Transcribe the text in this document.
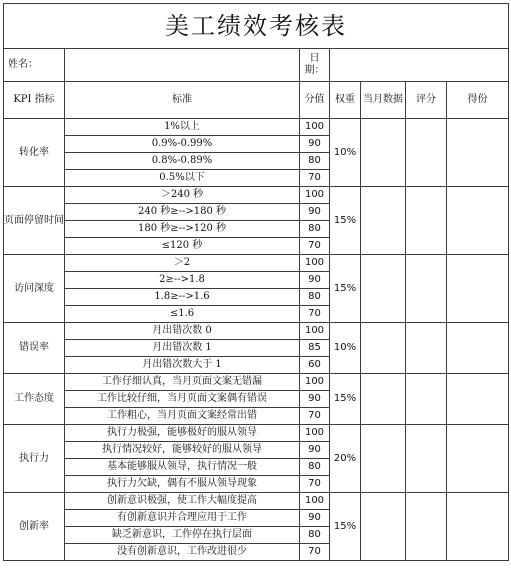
美工绩效考核表						
姓名：		日期：				
KPI 指标	标准	分值	权重	当月数据	评分	得份
转化率	1%以上	100	10%			
	0.9%-0.99%	90				
	0.8%-0.89%	80				
	0.5%以下	70				
页面停留时间	＞240 秒	100	15%			
	240 秒≥-->180 秒	90				
	180 秒≥-->120 秒	80				
	≤120 秒	70				
访问深度	＞2	100	15%			
	2≥-->1.8	90				
	1.8≥-->1.6	80				
	≤1.6	70				
错误率	月出错次数 0	100	10%			
	月出错次数 1	85				
	月出错次数大于 1	60				
工作态度	工作仔细认真，当月页面文案无错漏	100	15%			
	工作比较仔细，当月页面文案偶有错误	90				
	工作粗心，当月页面文案经常出错	70				
执行力	执行力极强，能够极好的服从领导	100	20%			
	执行情况较好，能够较好的服从领导	90				
	基本能够服从领导，执行情况一般	80				
	执行力欠缺，偶有不服从领导现象	70				
创新率	创新意识极强，使工作大幅度提高	100	15%			
	有创新意识并合理应用于工作	90				
	缺乏新意识，工作停在执行层面	80				
	没有创新意识，工作改进很少	70				
